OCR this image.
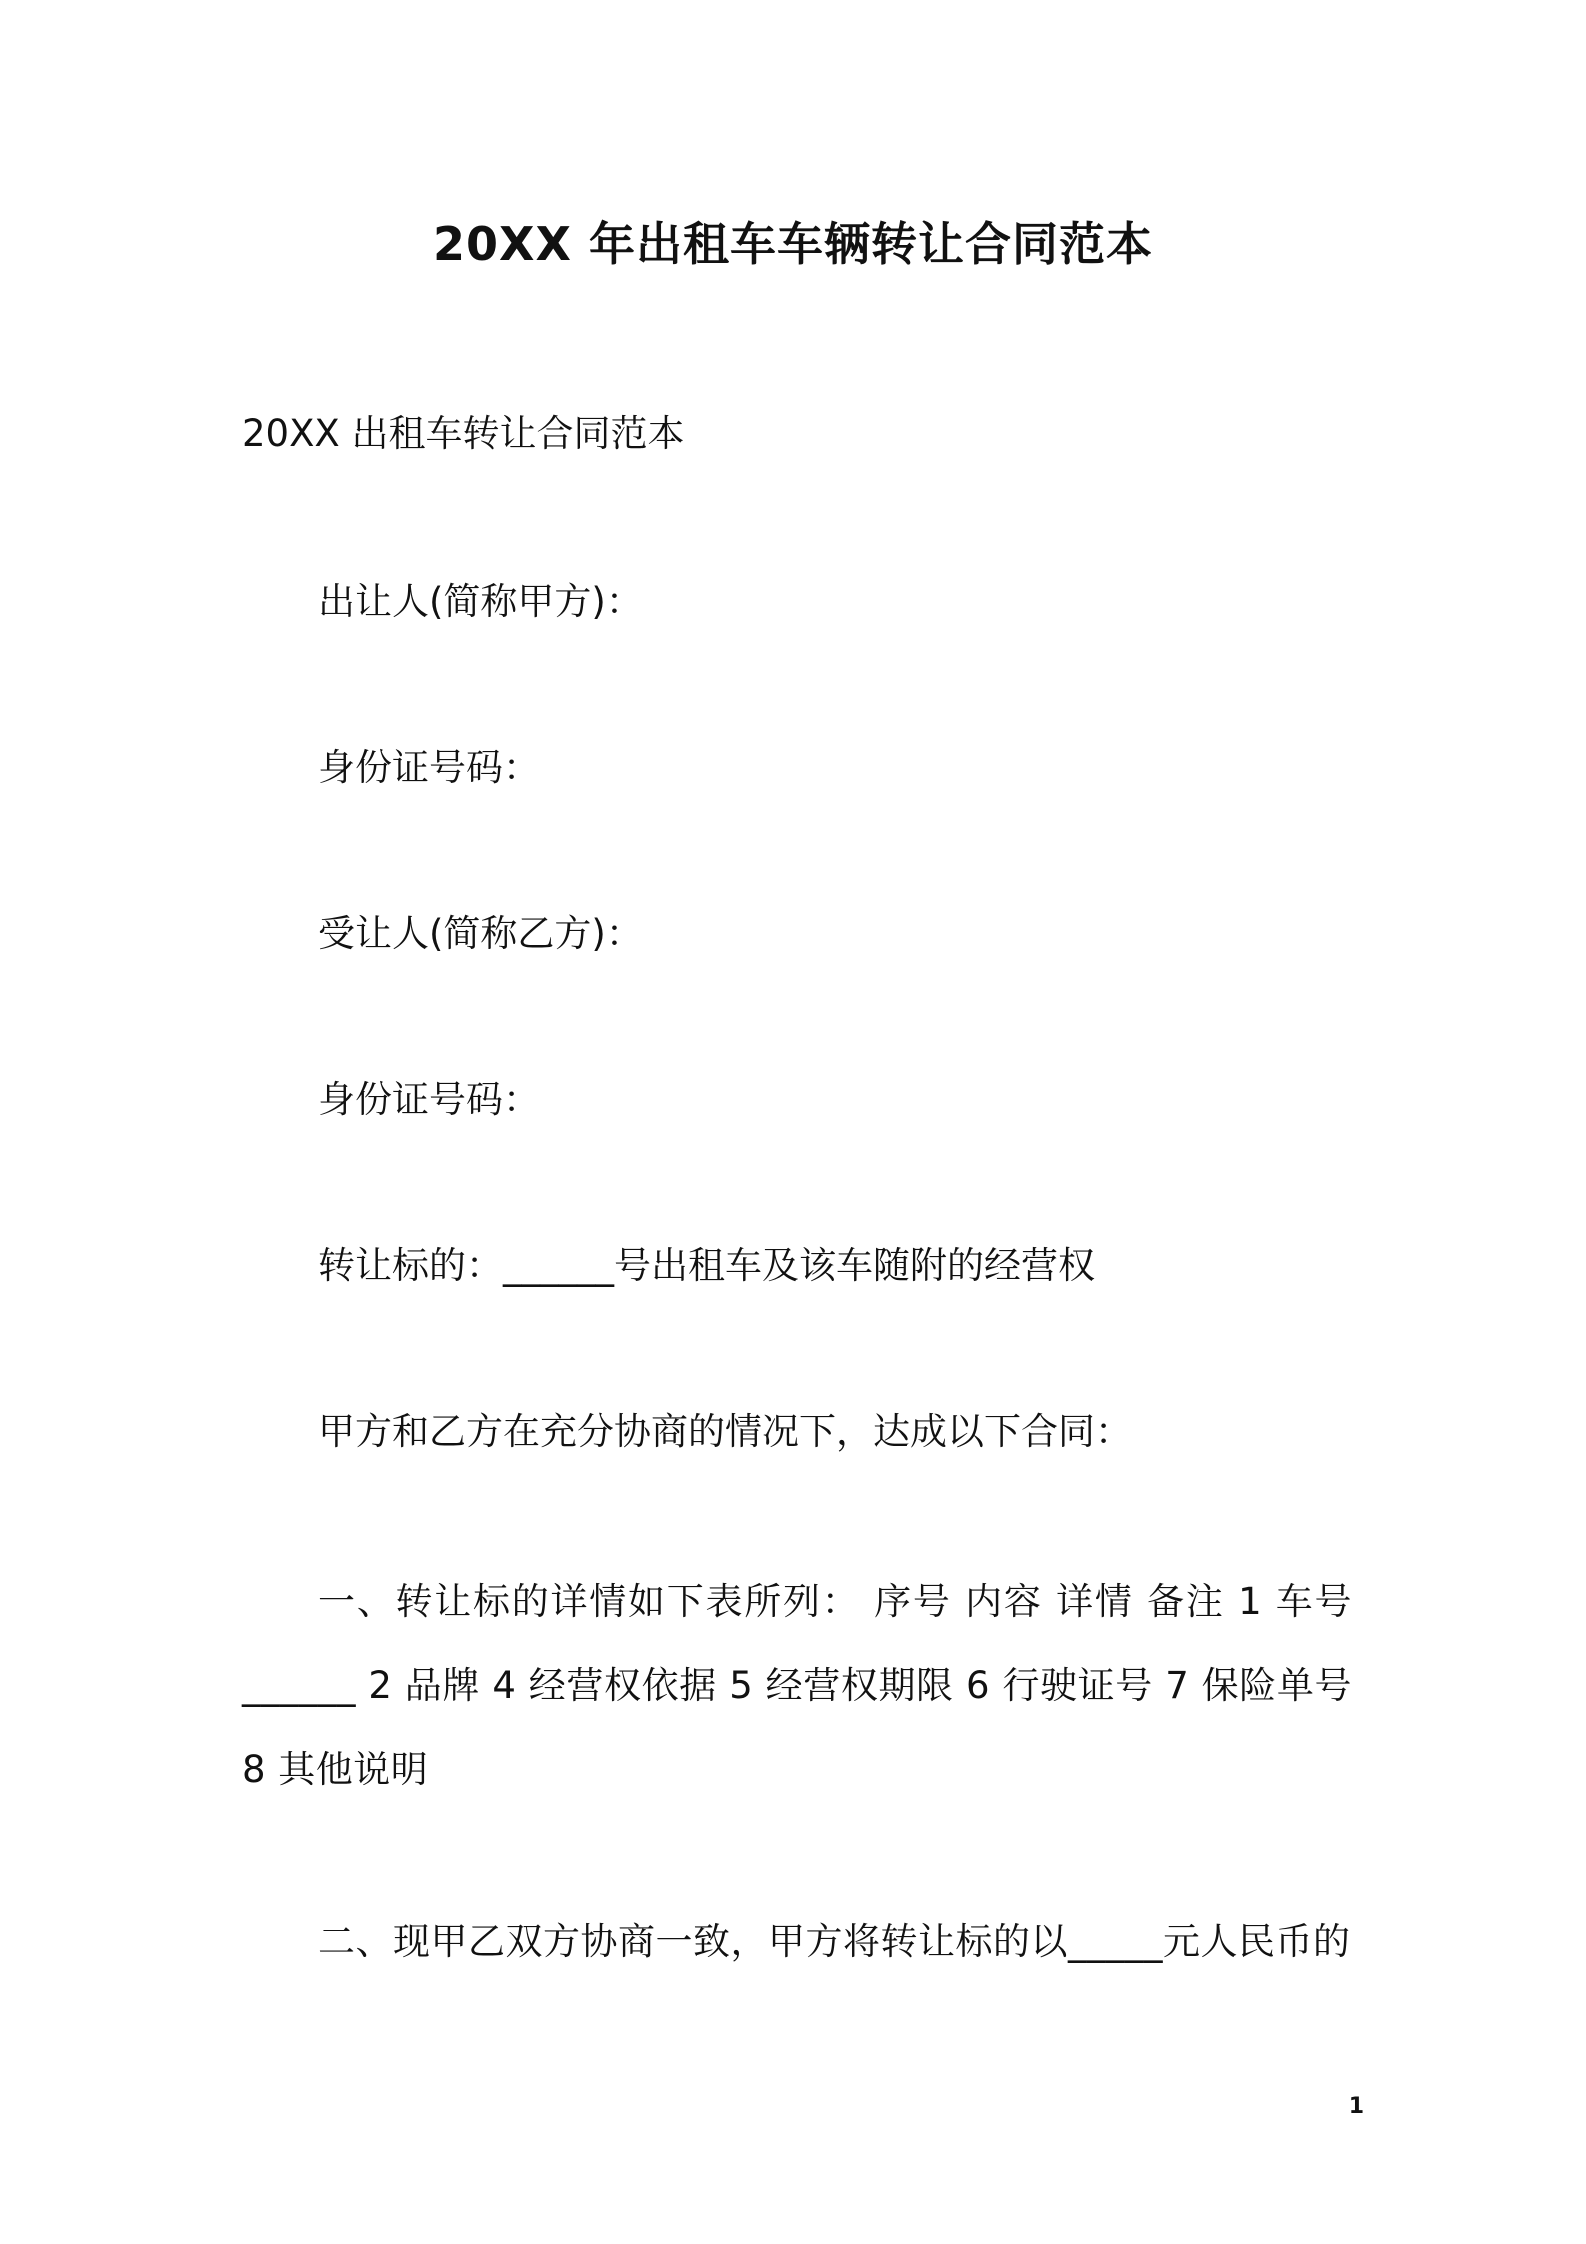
20XX 年出租车车辆转让合同范本
20XX 出租车转让合同范本
出让人(简称甲方)：
身份证号码：
受让人(简称乙方)：
身份证号码：
转让标的：______号出租车及该车随附的经营权
甲方和乙方在充分协商的情况下，达成以下合同：
一、转让标的详情如下表所列： 序号 内容 详情 备注 1 车号 ______ 2 品牌 4 经营权依据 5 经营权期限 6 行驶证号 7 保险单号 8 其他说明
二、现甲乙双方协商一致，甲方将转让标的以_____元人民币的
1
